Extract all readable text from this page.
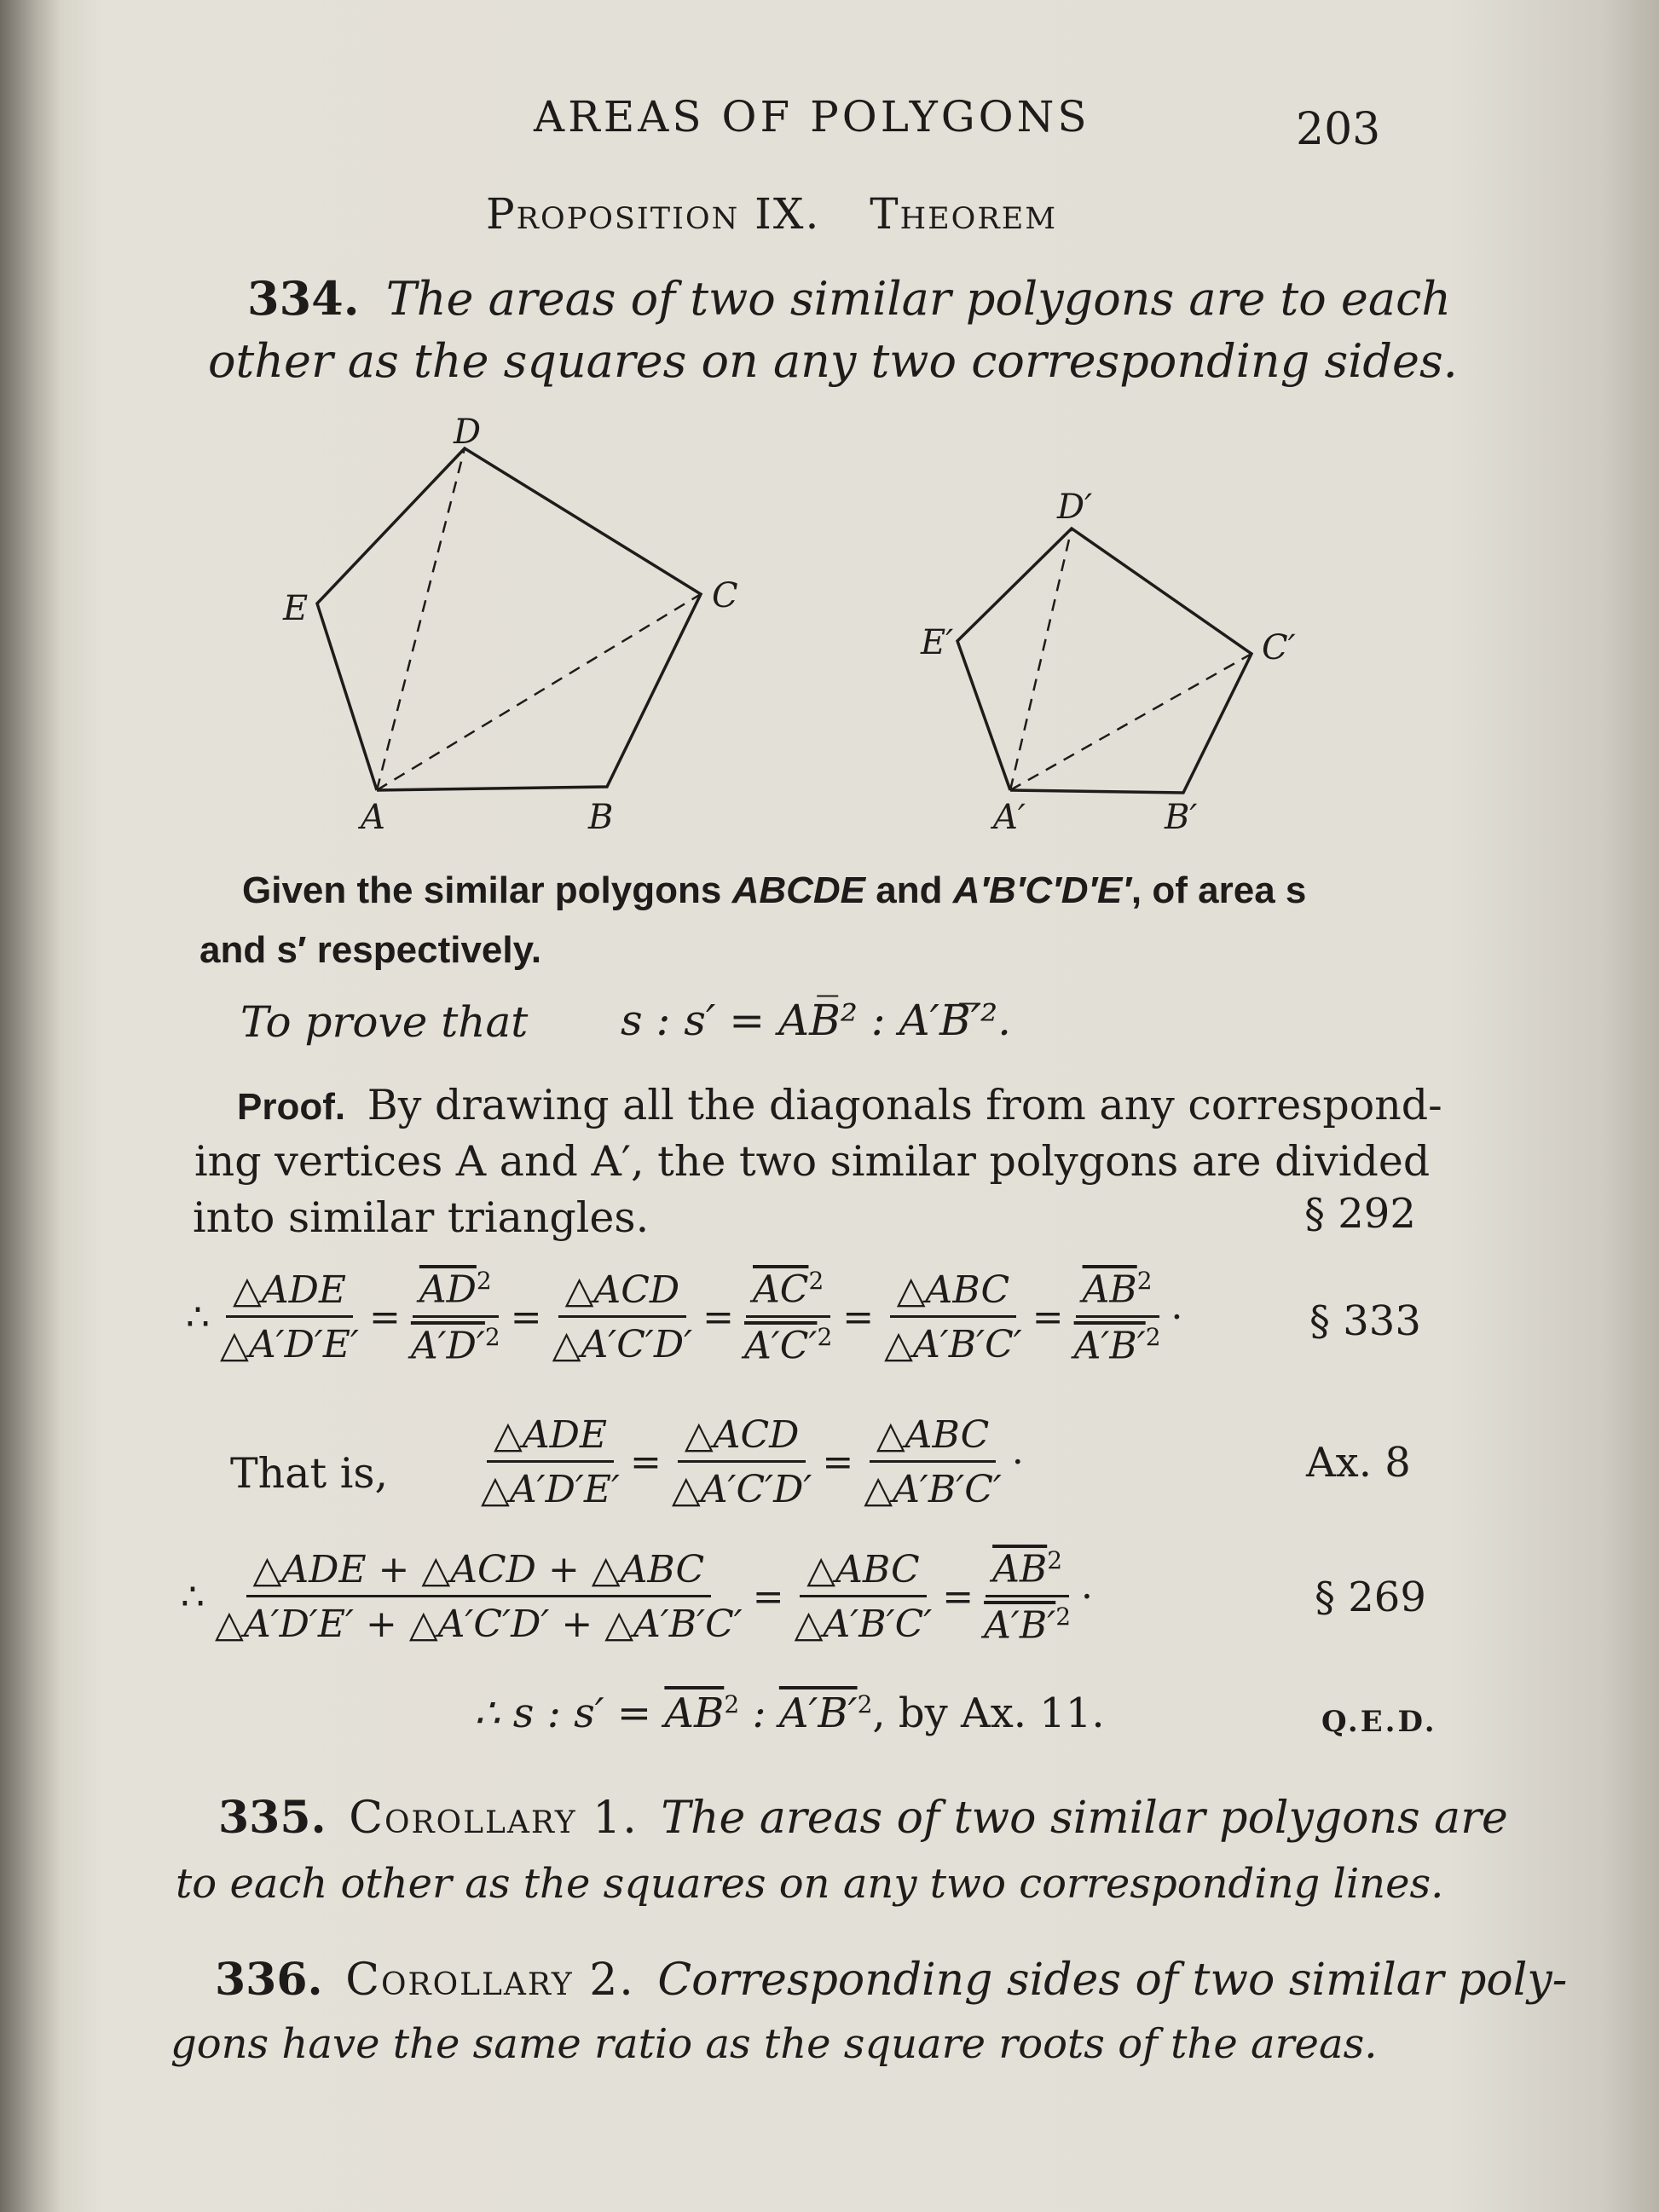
AREAS OF POLYGONS	203
Proposition IX. Theorem
334. The areas of two similar polygons are to each
other as the squares on any two corresponding sides.
A	B
C
D
E
A′	B′
C′
D′
E′
Given the similar polygons ABCDE and A′B′C′D′E′, of area s
and s′ respectively.
To prove that s : s′ = AB̅² : A′B′̅².
Proof. By drawing all the diagonals from any correspond-
ing vertices A and A′, the two similar polygons are divided
into similar triangles.	§ 292
∴ $\frac{\text{△ADE}}{\triangle A'D'E'} = \frac{\overline{AD}^2}{A'D'^2} = \frac{\text{△ACD}}{\triangle A'C'D'} = \frac{\overline{AC}^2}{A'C'^2} = \frac{\text{△ABC}}{\triangle A'B'C'} = \frac{\overline{AB}^2}{A'B'^2}$ ·	§ 333
That is, $\frac{\text{△ADE}}{\triangle A'D'E'} = \frac{\text{△ACD}}{\triangle A'C'D'} = \frac{\text{△ABC}}{\triangle A'B'C'}$ ·	Ax. 8
∴ $\frac{\text{△ADE + △ACD + △ABC}}{\triangle A'D'E' + \triangle A'C'D' + \triangle A'B'C'} = \frac{\text{△ABC}}{\triangle A'B'C'} = \frac{\overline{AB}^2}{A'B'^2}$ ·	§ 269
∴ s : $s' = \overline{AB}^2$ : $A'B'^2$, by Ax. 11.	Q.E.D.
335. Corollary 1. The areas of two similar polygons are
to each other as the squares on any two corresponding lines.
336. Corollary 2. Corresponding sides of two similar poly-
gons have the same ratio as the square roots of the areas.
